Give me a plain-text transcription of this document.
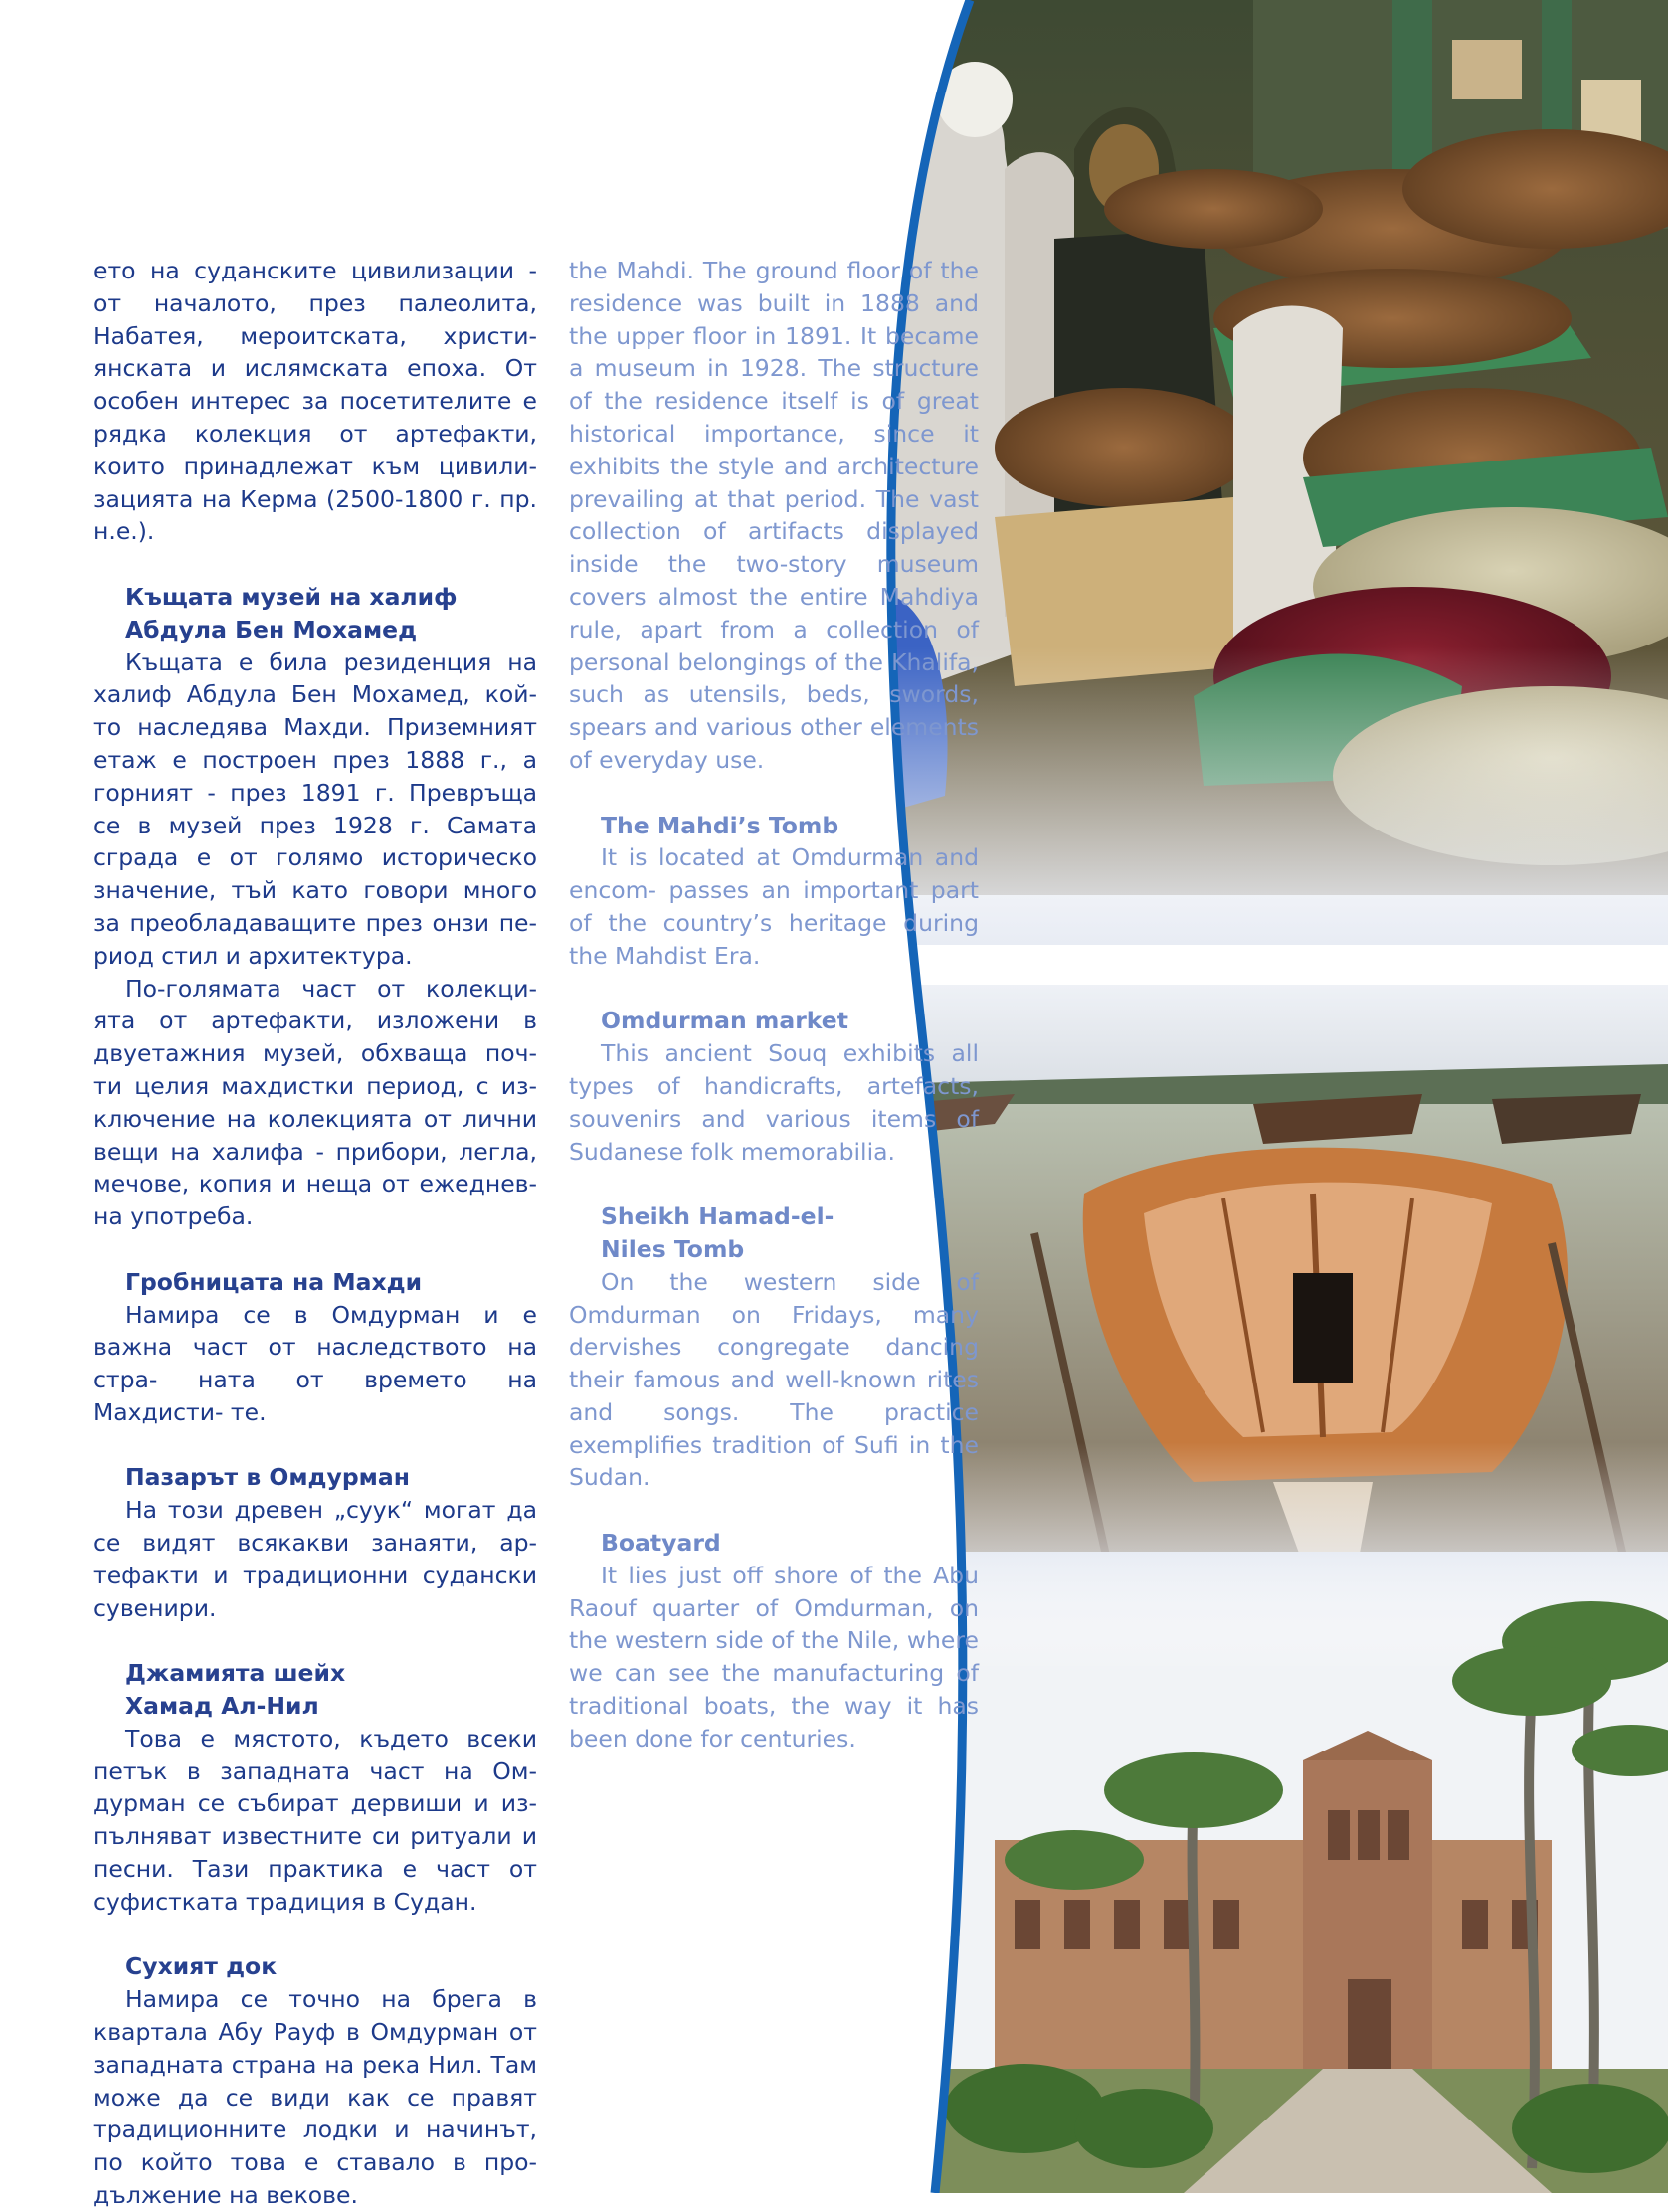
ето на суданските цивилизации - от началото, през палеолита, Набатея, мероитската, христи- янската и ислямската епоха. От особен интерес за посетителите е рядка колекция от артефакти, които принадлежат към цивили- зацията на Керма (2500-1800 г. пр. н.е.).

Къщата музей на халиф
Абдула Бен Мохамед

Къщата е била резиденция на халиф Абдула Бен Мохамед, кой- то наследява Махди. Приземният етаж е построен през 1888 г., а горният - през 1891 г. Превръща се в музей през 1928 г. Самата сграда е от голямо историческо значение, тъй като говори много за преобладаващите през онзи пе- риод стил и архитектура.

По-голямата част от колекци- ята от артефакти, изложени в двуетажния музей, обхваща поч- ти целия махдистки период, с из- ключение на колекцията от лични вещи на халифа - прибори, легла, мечове, копия и неща от ежеднев- на употреба.

Гробницата на Махди

Намира се в Омдурман и е важна част от наследството на стра- ната от времето на Махдисти- те.

Пазарът в Омдурман

На този древен „суук“ могат да се видят всякакви занаяти, ар- тефакти и традиционни судански сувенири.

Джамията шейх
Хамад Ал-Нил

Това е мястото, където всеки петък в западната част на Ом- дурман се събират дервиши и из- пълняват известните си ритуали и песни. Тази практика е част от суфистката традиция в Судан.

Сухият док

Намира се точно на брега в квартала Абу Рауф в Омдурман от западната страна на река Нил. Там може да се види как се правят традиционните лодки и начинът, по който това е ставало в про- дължение на векове.

the Mahdi. The ground floor of the residence was built in 1888 and the upper floor in 1891. It became a museum in 1928. The structure of the residence itself is of great historical importance, since it exhibits the style and architecture prevailing at that period. The vast collection of artifacts displayed inside the two-story museum covers almost the entire Mahdiya rule, apart from a collection of personal belongings of the Khalifa, such as utensils, beds, swords, spears and various other elements of everyday use.

The Mahdi’s Tomb

It is located at Omdurman and encom- passes an important part of the country’s heritage during the Mahdist Era.

Omdurman market

This ancient Souq exhibits all types of handicrafts, artefacts, souvenirs and various items of Sudanese folk memorabilia.

Sheikh Hamad-el-
Niles Tomb

On the western side of Omdurman on Fridays, many dervishes congregate dancing their famous and well-known rites and songs. The practice exemplifies tradition of Sufi in the Sudan.

Boatyard

It lies just off shore of the Abu Raouf quarter of Omdurman, on the western side of the Nile, where we can see the manufacturing of traditional boats, the way it has been done for centuries.
